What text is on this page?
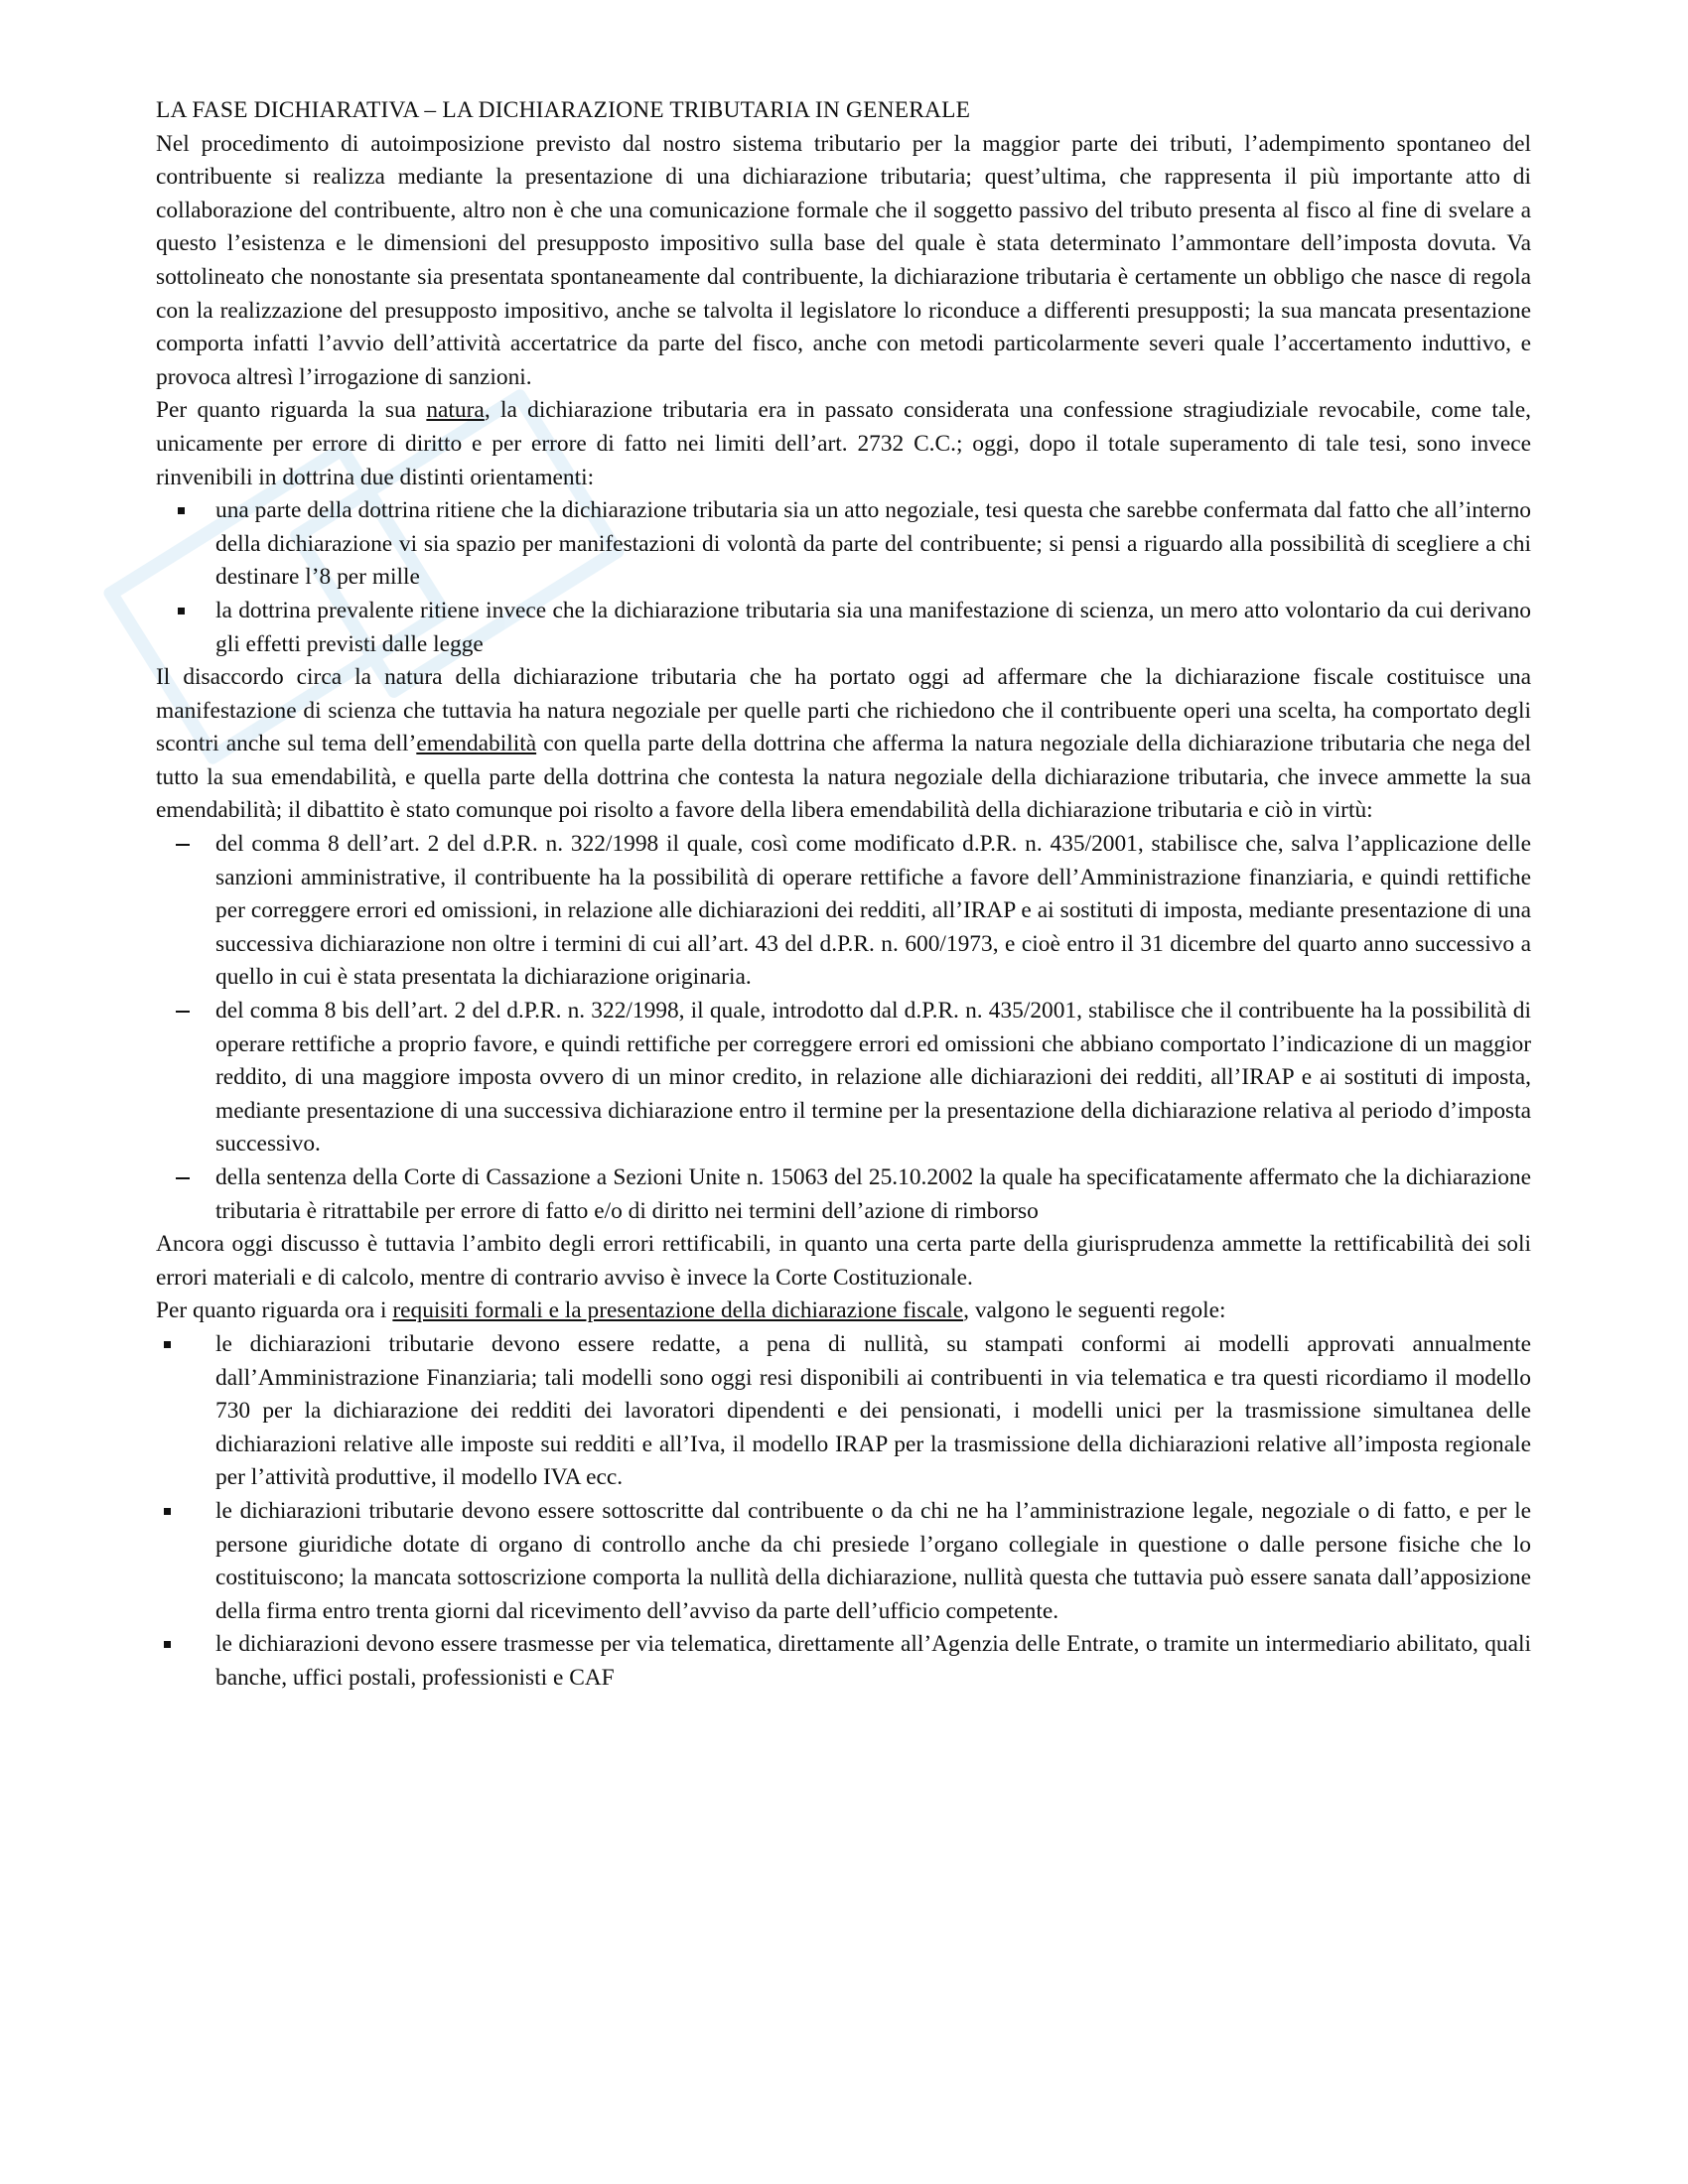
LA FASE DICHIARATIVA – LA DICHIARAZIONE TRIBUTARIA IN GENERALE

Nel procedimento di autoimposizione previsto dal nostro sistema tributario per la maggior parte dei tributi, l’adempimento spontaneo del contribuente si realizza mediante la presentazione di una dichiarazione tributaria; quest’ultima, che rappresenta il più importante atto di collaborazione del contribuente, altro non è che una comunicazione formale che il soggetto passivo del tributo presenta al fisco al fine di svelare a questo l’esistenza e le dimensioni del presupposto impositivo sulla base del quale è stata determinato l’ammontare dell’imposta dovuta. Va sottolineato che nonostante sia presentata spontaneamente dal contribuente, la dichiarazione tributaria è certamente un obbligo che nasce di regola con la realizzazione del presupposto impositivo, anche se talvolta il legislatore lo riconduce a differenti presupposti; la sua mancata presentazione comporta infatti l’avvio dell’attività accertatrice da parte del fisco, anche con metodi particolarmente severi quale l’accertamento induttivo, e provoca altresì l’irrogazione di sanzioni.

Per quanto riguarda la sua natura, la dichiarazione tributaria era in passato considerata una confessione stragiudiziale revocabile, come tale, unicamente per errore di diritto e per errore di fatto nei limiti dell’art. 2732 C.C.; oggi, dopo il totale superamento di tale tesi, sono invece rinvenibili in dottrina due distinti orientamenti:

una parte della dottrina ritiene che la dichiarazione tributaria sia un atto negoziale, tesi questa che sarebbe confermata dal fatto che all’interno della dichiarazione vi sia spazio per manifestazioni di volontà da parte del contribuente; si pensi a riguardo alla possibilità di scegliere a chi destinare l’8 per mille
la dottrina prevalente ritiene invece che la dichiarazione tributaria sia una manifestazione di scienza, un mero atto volontario da cui derivano gli effetti previsti dalle legge

Il disaccordo circa la natura della dichiarazione tributaria che ha portato oggi ad affermare che la dichiarazione fiscale costituisce una manifestazione di scienza che tuttavia ha natura negoziale per quelle parti che richiedono che il contribuente operi una scelta, ha comportato degli scontri anche sul tema dell’emendabilità con quella parte della dottrina che afferma la natura negoziale della dichiarazione tributaria che nega del tutto la sua emendabilità, e quella parte della dottrina che contesta la natura negoziale della dichiarazione tributaria, che invece ammette la sua emendabilità; il dibattito è stato comunque poi risolto a favore della libera emendabilità della dichiarazione tributaria e ciò in virtù:

del comma 8 dell’art. 2 del d.P.R. n. 322/1998 il quale, così come modificato d.P.R. n. 435/2001, stabilisce che, salva l’applicazione delle sanzioni amministrative, il contribuente ha la possibilità di operare rettifiche a favore dell’Amministrazione finanziaria, e quindi rettifiche per correggere errori ed omissioni, in relazione alle dichiarazioni dei redditi, all’IRAP e ai sostituti di imposta, mediante presentazione di una successiva dichiarazione non oltre i termini di cui all’art. 43 del d.P.R. n. 600/1973, e cioè entro il 31 dicembre del quarto anno successivo a quello in cui è stata presentata la dichiarazione originaria.
del comma 8 bis dell’art. 2 del d.P.R. n. 322/1998, il quale, introdotto dal d.P.R. n. 435/2001, stabilisce che il contribuente ha la possibilità di operare rettifiche a proprio favore, e quindi rettifiche per correggere errori ed omissioni che abbiano comportato l’indicazione di un maggior reddito, di una maggiore imposta ovvero di un minor credito, in relazione alle dichiarazioni dei redditi, all’IRAP e ai sostituti di imposta, mediante presentazione di una successiva dichiarazione entro il termine per la presentazione della dichiarazione relativa al periodo d’imposta successivo.
della sentenza della Corte di Cassazione a Sezioni Unite n. 15063 del 25.10.2002 la quale ha specificatamente affermato che la dichiarazione tributaria è ritrattabile per errore di fatto e/o di diritto nei termini dell’azione di rimborso

Ancora oggi discusso è tuttavia l’ambito degli errori rettificabili, in quanto una certa parte della giurisprudenza ammette la rettificabilità dei soli errori materiali e di calcolo, mentre di contrario avviso è invece la Corte Costituzionale.

Per quanto riguarda ora i requisiti formali e la presentazione della dichiarazione fiscale, valgono le seguenti regole:

le dichiarazioni tributarie devono essere redatte, a pena di nullità, su stampati conformi ai modelli approvati annualmente dall’Amministrazione Finanziaria; tali modelli sono oggi resi disponibili ai contribuenti in via telematica e tra questi ricordiamo il modello 730 per la dichiarazione dei redditi dei lavoratori dipendenti e dei pensionati, i modelli unici per la trasmissione simultanea delle dichiarazioni relative alle imposte sui redditi e all’Iva, il modello IRAP per la trasmissione della dichiarazioni relative all’imposta regionale per l’attività produttive, il modello IVA ecc.
le dichiarazioni tributarie devono essere sottoscritte dal contribuente o da chi ne ha l’amministrazione legale, negoziale o di fatto, e per le persone giuridiche dotate di organo di controllo anche da chi presiede l’organo collegiale in questione o dalle persone fisiche che lo costituiscono; la mancata sottoscrizione comporta la nullità della dichiarazione, nullità questa che tuttavia può essere sanata dall’apposizione della firma entro trenta giorni dal ricevimento dell’avviso da parte dell’ufficio competente.
le dichiarazioni devono essere trasmesse per via telematica, direttamente all’Agenzia delle Entrate, o tramite un intermediario abilitato, quali banche, uffici postali, professionisti e CAF
